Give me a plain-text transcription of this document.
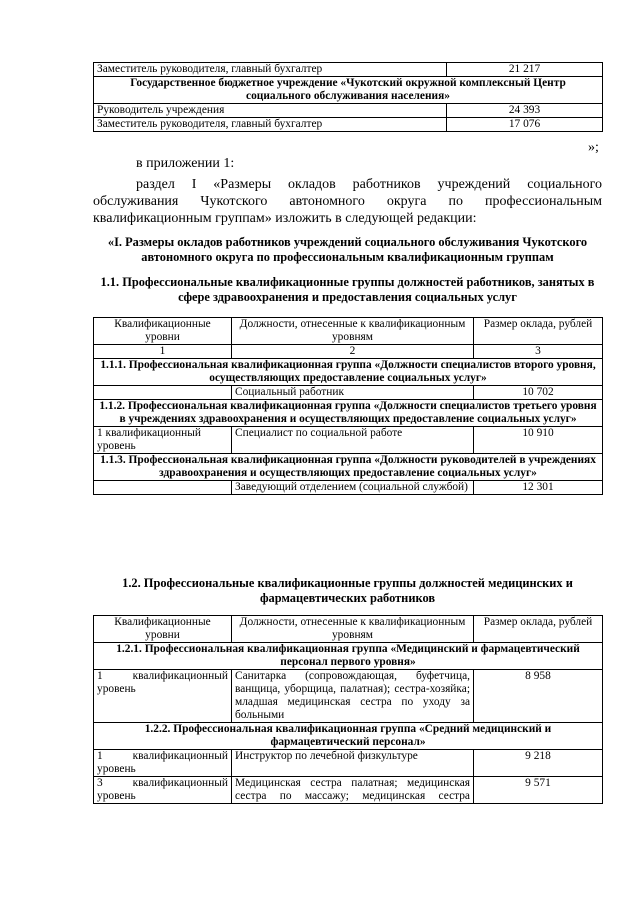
Заместитель руководителя, главный бухгалтер	21 217
Государственное бюджетное учреждение «Чукотский окружной комплексный Центр социального обслуживания населения»	
Руководитель учреждения	24 393
Заместитель руководителя, главный бухгалтер	17 076

»;

в приложении 1:

раздел I «Размеры окладов работников учреждений социального

обслуживания Чукотского автономного округа по профессиональным

квалификационным группам» изложить в следующей редакции:

«I. Размеры окладов работников учреждений социального обслуживания Чукотского автономного округа по профессиональным квалификационным группам

1.1. Профессиональные квалификационные группы должностей работников, занятых в сфере здравоохранения и предоставления социальных услуг

Квалификационные уровни	Должности, отнесенные к квалификационным уровням	Размер оклада, рублей
1	2	3
1.1.1. Профессиональная квалификационная группа «Должности специалистов второго уровня, осуществляющих предоставление социальных услуг»		
	Социальный работник	10 702
1.1.2. Профессиональная квалификационная группа «Должности специалистов третьего уровня в учреждениях здравоохранения и осуществляющих предоставление социальных услуг»		
1 квалификационный уровень	Специалист по социальной работе	10 910
1.1.3. Профессиональная квалификационная группа «Должности руководителей в учреждениях здравоохранения и осуществляющих предоставление социальных услуг»		
	Заведующий отделением (социальной службой)	12 301

1.2. Профессиональные квалификационные группы должностей медицинских и фармацевтических работников

Квалификационные уровни	Должности, отнесенные к квалификационным уровням	Размер оклада, рублей
1.2.1. Профессиональная квалификационная группа «Медицинский и фармацевтический персонал первого уровня»		
1 квалификационный уровень	Санитарка (сопровождающая, буфетчица, ванщица, уборщица, палатная); сестра-хозяйка; младшая медицинская сестра по уходу за больными	8 958
1.2.2. Профессиональная квалификационная группа «Средний медицинский и фармацевтический персонал»		
1 квалификационный уровень	Инструктор по лечебной физкультуре	9 218
3 квалификационный уровень	Медицинская сестра палатная; медицинская сестра по массажу; медицинская сестра	9 571
